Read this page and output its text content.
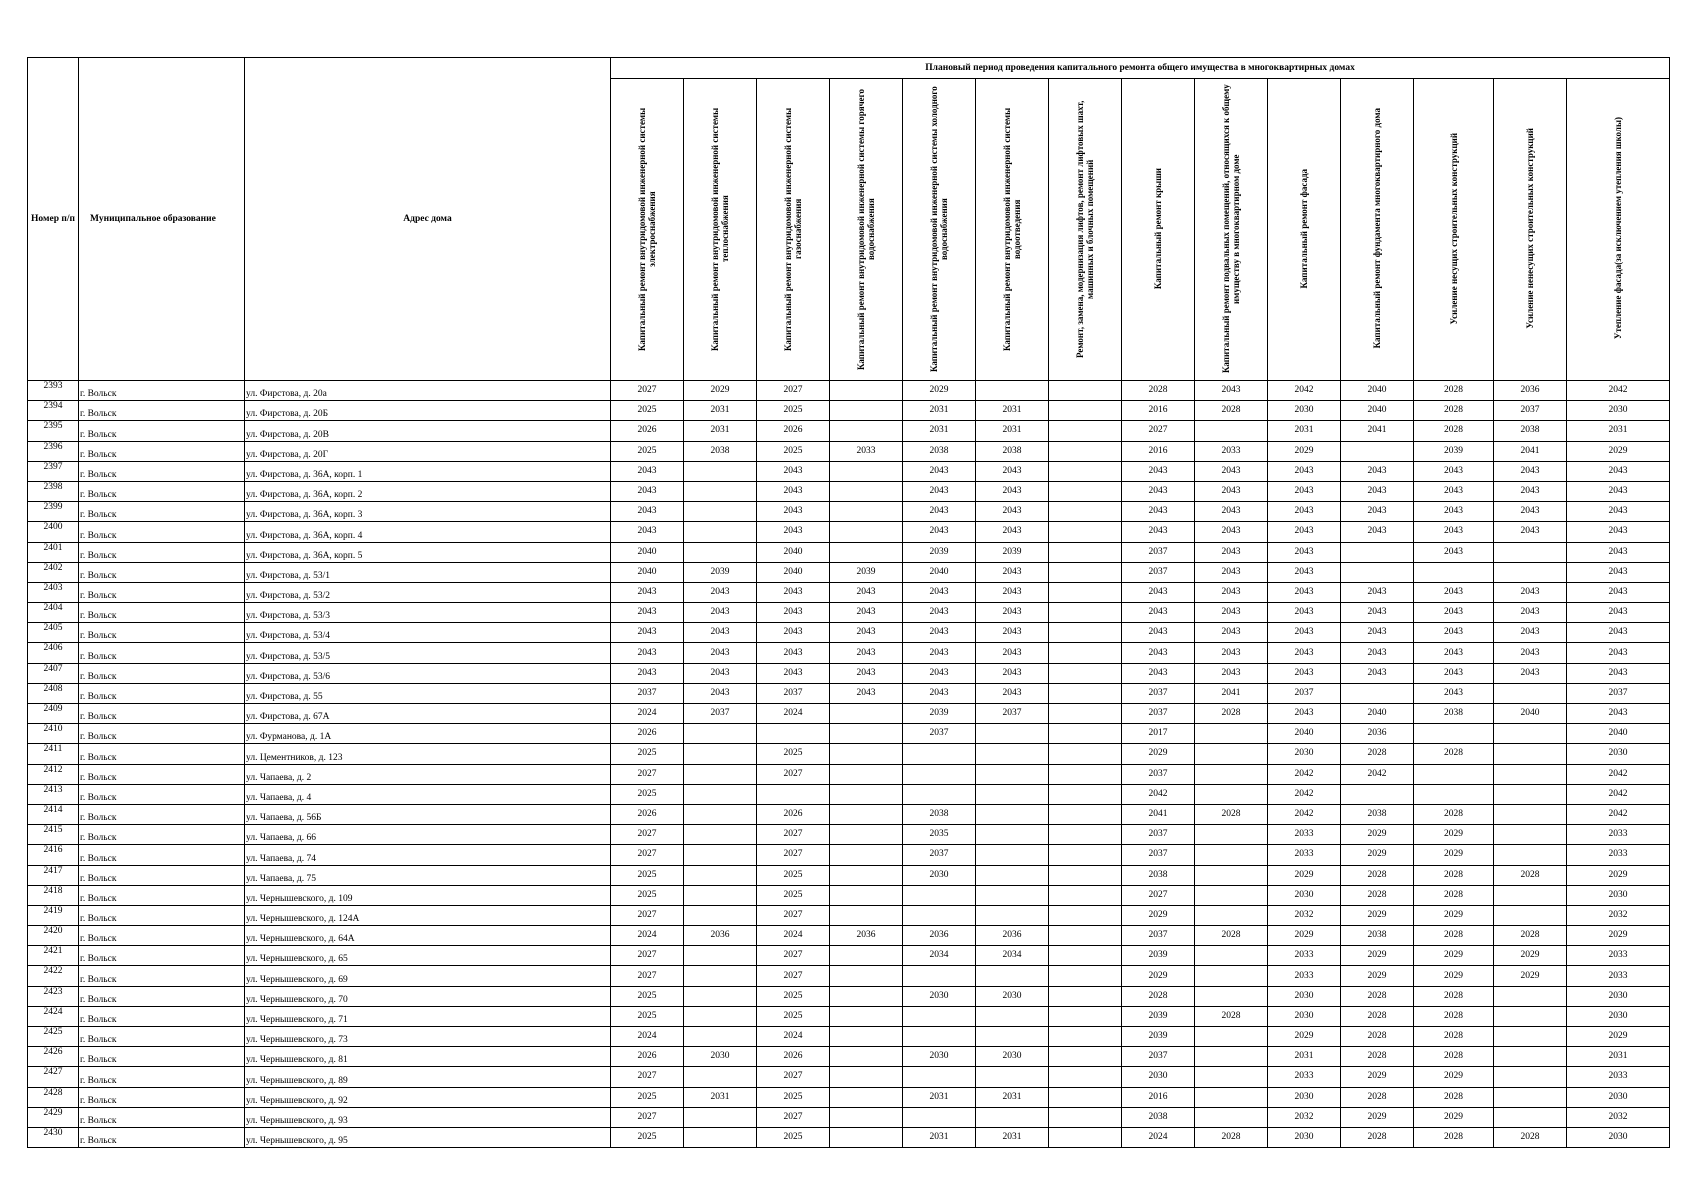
Номер п/п	Муниципальное образование	Адрес дома	Плановый период проведения капитального ремонта общего имущества в многоквартирных домах													
			Капитальный ремонт внутридомовой инженерной системы электроснабжения	Капитальный ремонт внутридомовой инженерной системы теплоснабжения	Капитальный ремонт внутридомовой инженерной системы газоснабжения	Капитальный ремонт внутридомовой инженерной системы горячего водоснабжения	Капитальный ремонт внутридомовой инженерной системы холодного водоснабжения	Капитальный ремонт внутридомовой инженерной системы водоотведения	Ремонт, замена, модернизация лифтов, ремонт лифтовых шахт, машинных и блочных помещений	Капитальный ремонт крыши	Капитальный ремонт подвальных помещений, относящихся к общему имуществу в многоквартирном доме	Капитальный ремонт фасада	Капитальный ремонт фундамента многоквартирного дома	Усиление несущих строительных конструкций	Усиление ненесущих строительных конструкций	Утепление фасада(за исключением утепления школы)
2393	г. Вольск	ул. Фирстова, д. 20а	2027	2029	2027		2029			2028	2043	2042	2040	2028	2036	2042
2394	г. Вольск	ул. Фирстова, д. 20Б	2025	2031	2025		2031	2031		2016	2028	2030	2040	2028	2037	2030
2395	г. Вольск	ул. Фирстова, д. 20В	2026	2031	2026		2031	2031		2027		2031	2041	2028	2038	2031
2396	г. Вольск	ул. Фирстова, д. 20Г	2025	2038	2025	2033	2038	2038		2016	2033	2029		2039	2041	2029
2397	г. Вольск	ул. Фирстова, д. 36А, корп. 1	2043		2043		2043	2043		2043	2043	2043	2043	2043	2043	2043
2398	г. Вольск	ул. Фирстова, д. 36А, корп. 2	2043		2043		2043	2043		2043	2043	2043	2043	2043	2043	2043
2399	г. Вольск	ул. Фирстова, д. 36А, корп. 3	2043		2043		2043	2043		2043	2043	2043	2043	2043	2043	2043
2400	г. Вольск	ул. Фирстова, д. 36А, корп. 4	2043		2043		2043	2043		2043	2043	2043	2043	2043	2043	2043
2401	г. Вольск	ул. Фирстова, д. 36А, корп. 5	2040		2040		2039	2039		2037	2043	2043		2043		2043
2402	г. Вольск	ул. Фирстова, д. 53/1	2040	2039	2040	2039	2040	2043		2037	2043	2043				2043
2403	г. Вольск	ул. Фирстова, д. 53/2	2043	2043	2043	2043	2043	2043		2043	2043	2043	2043	2043	2043	2043
2404	г. Вольск	ул. Фирстова, д. 53/3	2043	2043	2043	2043	2043	2043		2043	2043	2043	2043	2043	2043	2043
2405	г. Вольск	ул. Фирстова, д. 53/4	2043	2043	2043	2043	2043	2043		2043	2043	2043	2043	2043	2043	2043
2406	г. Вольск	ул. Фирстова, д. 53/5	2043	2043	2043	2043	2043	2043		2043	2043	2043	2043	2043	2043	2043
2407	г. Вольск	ул. Фирстова, д. 53/6	2043	2043	2043	2043	2043	2043		2043	2043	2043	2043	2043	2043	2043
2408	г. Вольск	ул. Фирстова, д. 55	2037	2043	2037	2043	2043	2043		2037	2041	2037		2043		2037
2409	г. Вольск	ул. Фирстова, д. 67А	2024	2037	2024		2039	2037		2037	2028	2043	2040	2038	2040	2043
2410	г. Вольск	ул. Фурманова, д. 1А	2026				2037			2017		2040	2036			2040
2411	г. Вольск	ул. Цементников, д. 123	2025		2025					2029		2030	2028	2028		2030
2412	г. Вольск	ул. Чапаева, д. 2	2027		2027					2037		2042	2042			2042
2413	г. Вольск	ул. Чапаева, д. 4	2025							2042		2042				2042
2414	г. Вольск	ул. Чапаева, д. 56Б	2026		2026		2038			2041	2028	2042	2038	2028		2042
2415	г. Вольск	ул. Чапаева, д. 66	2027		2027		2035			2037		2033	2029	2029		2033
2416	г. Вольск	ул. Чапаева, д. 74	2027		2027		2037			2037		2033	2029	2029		2033
2417	г. Вольск	ул. Чапаева, д. 75	2025		2025		2030			2038		2029	2028	2028	2028	2029
2418	г. Вольск	ул. Чернышевского, д. 109	2025		2025					2027		2030	2028	2028		2030
2419	г. Вольск	ул. Чернышевского, д. 124А	2027		2027					2029		2032	2029	2029		2032
2420	г. Вольск	ул. Чернышевского, д. 64А	2024	2036	2024	2036	2036	2036		2037	2028	2029	2038	2028	2028	2029
2421	г. Вольск	ул. Чернышевского, д. 65	2027		2027		2034	2034		2039		2033	2029	2029	2029	2033
2422	г. Вольск	ул. Чернышевского, д. 69	2027		2027					2029		2033	2029	2029	2029	2033
2423	г. Вольск	ул. Чернышевского, д. 70	2025		2025		2030	2030		2028		2030	2028	2028		2030
2424	г. Вольск	ул. Чернышевского, д. 71	2025		2025					2039	2028	2030	2028	2028		2030
2425	г. Вольск	ул. Чернышевского, д. 73	2024		2024					2039		2029	2028	2028		2029
2426	г. Вольск	ул. Чернышевского, д. 81	2026	2030	2026		2030	2030		2037		2031	2028	2028		2031
2427	г. Вольск	ул. Чернышевского, д. 89	2027		2027					2030		2033	2029	2029		2033
2428	г. Вольск	ул. Чернышевского, д. 92	2025	2031	2025		2031	2031		2016		2030	2028	2028		2030
2429	г. Вольск	ул. Чернышевского, д. 93	2027		2027					2038		2032	2029	2029		2032
2430	г. Вольск	ул. Чернышевского, д. 95	2025		2025		2031	2031		2024	2028	2030	2028	2028	2028	2030
